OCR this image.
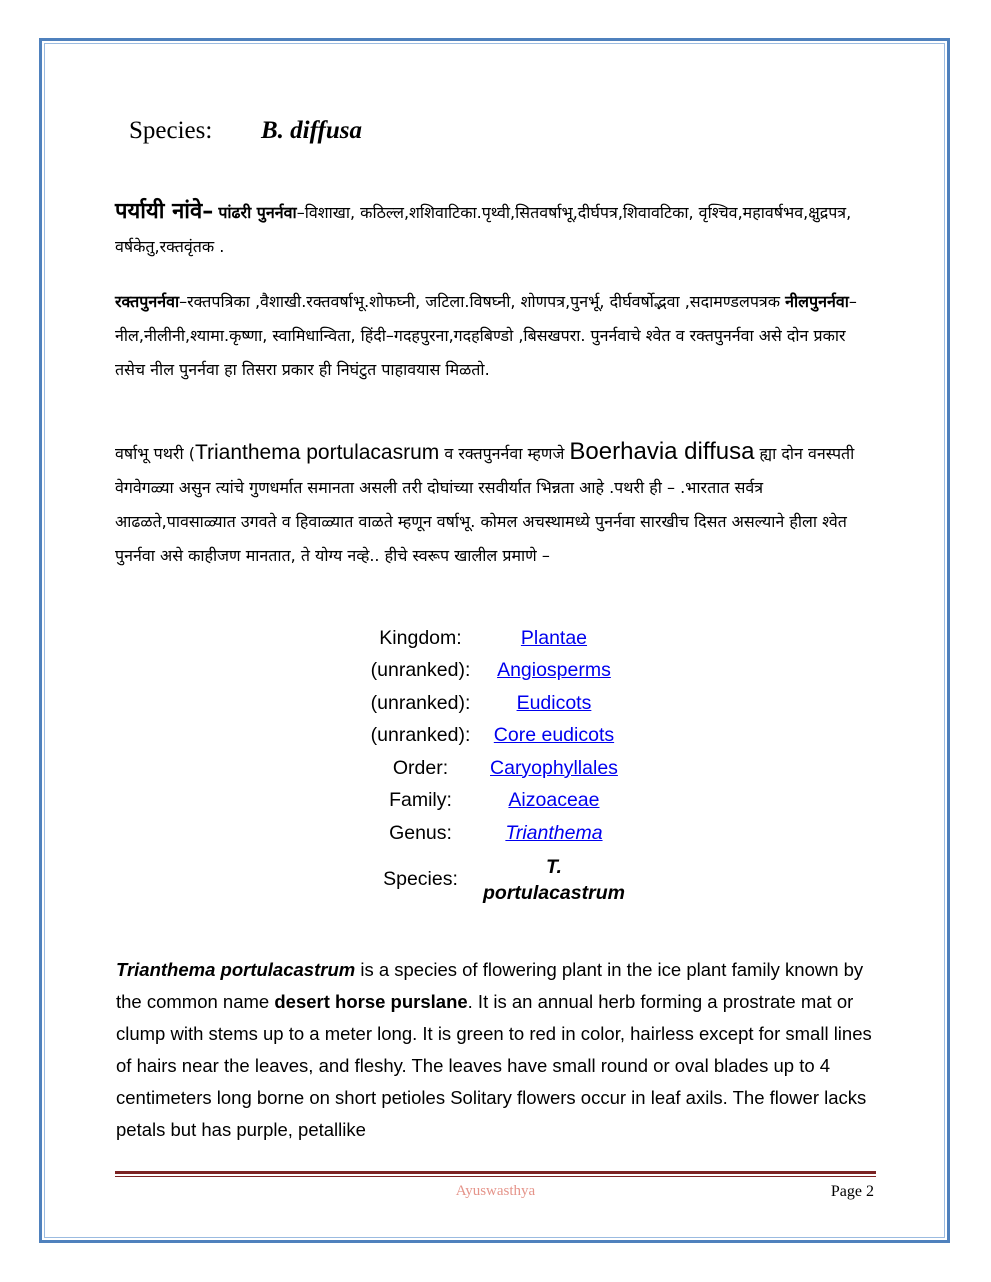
Species: B. diffusa
पर्यायी नांवे– पांढरी पुनर्नवा–विशाखा, कठिल्ल,शशिवाटिका.पृथ्वी,सितवर्षाभू,दीर्घपत्र,शिवावटिका, वृश्चिव,महावर्षभव,क्षुद्रपत्र, वर्षकेतु,रक्तवृंतक .
रक्तपुनर्नवा–रक्तपत्रिका ,वैशाखी.रक्तवर्षाभू.शोफघ्नी, जटिला.विषघ्नी, शोणपत्र,पुनर्भू, दीर्घवर्षोद्भवा ,सदामण्डलपत्रक नीलपुनर्नवा–नील,नीलीनी,श्यामा.कृष्णा, स्वामिधान्विता, हिंदी–गदहपुरना,गदहबिण्डो ,बिसखपरा. पुनर्नवाचे श्वेत व रक्तपुनर्नवा असे दोन प्रकार तसेच नील पुनर्नवा हा तिसरा प्रकार ही निघंटुत पाहावयास मिळतो.
वर्षाभू पथरी (Trianthema portulacasrum व रक्तपुनर्नवा म्हणजे Boerhavia diffusa ह्या दोन वनस्पती वेगवेगळ्या असुन त्यांचे गुणधर्मात समानता असली तरी दोघांच्या रसवीर्यात भिन्नता आहे .पथरी ही – .भारतात सर्वत्र आढळते,पावसाळ्यात उगवते व हिवाळ्यात वाळते म्हणून वर्षाभू. कोमल अचस्थामध्ये पुनर्नवा सारखीच दिसत असल्याने हीला श्वेत पुनर्नवा असे काहीजण मानतात, ते योग्य नव्हे.. हीचे स्वरूप खालील प्रमाणे –
Kingdom:	Plantae
(unranked):	Angiosperms
(unranked):	Eudicots
(unranked):	Core eudicots
Order:	Caryophyllales
Family:	Aizoaceae
Genus:	Trianthema
Species:	T. portulacastrum
Trianthema portulacastrum is a species of flowering plant in the ice plant family known by the common name desert horse purslane. It is an annual herb forming a prostrate mat or clump with stems up to a meter long. It is green to red in color, hairless except for small lines of hairs near the leaves, and fleshy. The leaves have small round or oval blades up to 4 centimeters long borne on short petioles Solitary flowers occur in leaf axils. The flower lacks petals but has purple, petallike
Ayuswasthya	Page 2
